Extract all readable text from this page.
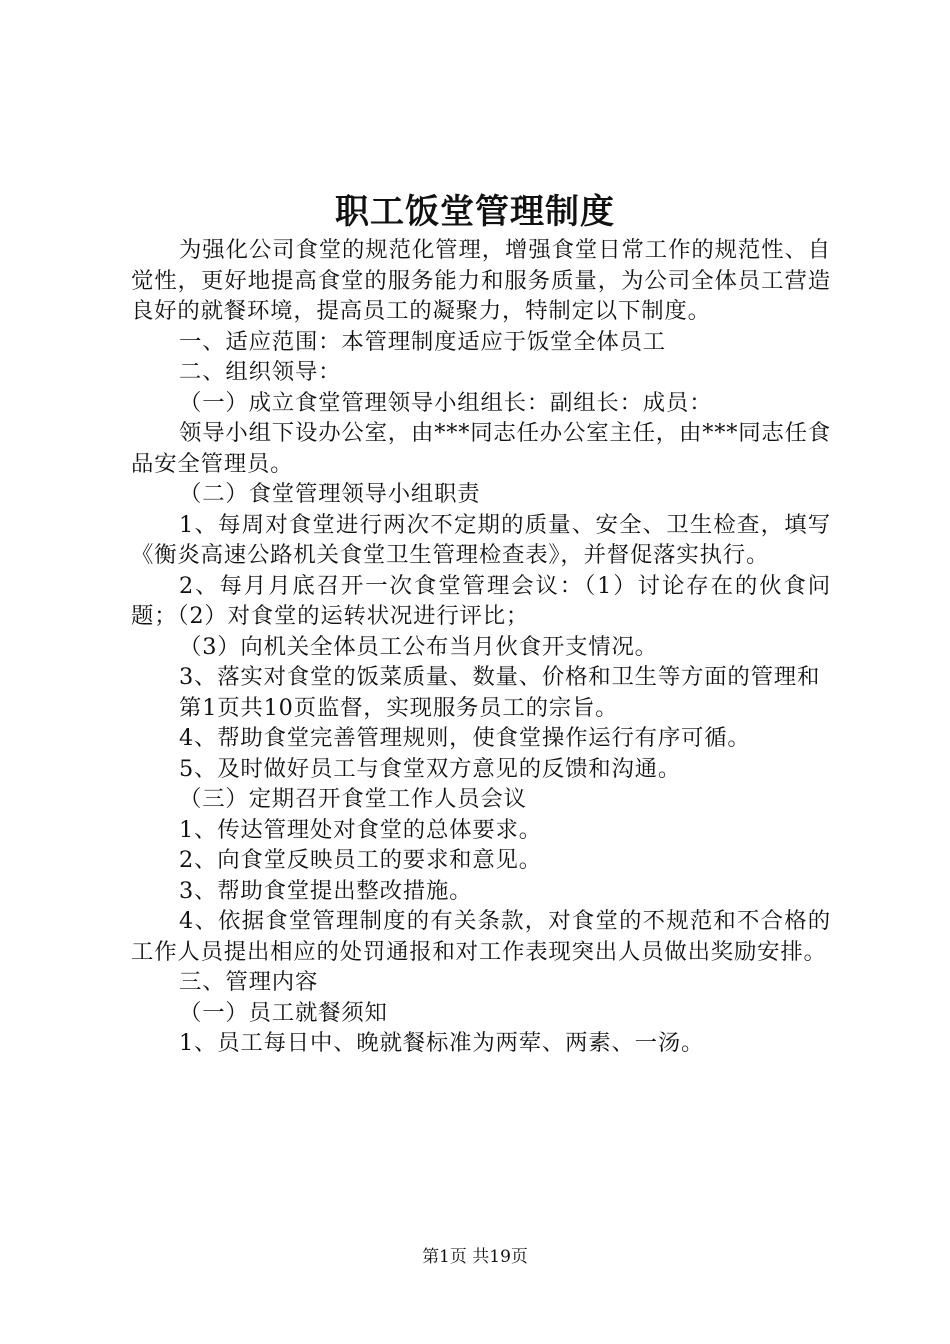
职工饭堂管理制度

为强化公司食堂的规范化管理，增强食堂日常工作的规范性、自觉性，更好地提高食堂的服务能力和服务质量，为公司全体员工营造良好的就餐环境，提高员工的凝聚力，特制定以下制度。

一、适应范围：本管理制度适应于饭堂全体员工

二、组织领导：

（一）成立食堂管理领导小组组长：副组长：成员：

领导小组下设办公室，由***同志任办公室主任，由***同志任食品安全管理员。

（二）食堂管理领导小组职责

1、每周对食堂进行两次不定期的质量、安全、卫生检查，填写《衡炎高速公路机关食堂卫生管理检查表》，并督促落实执行。

2、每月月底召开一次食堂管理会议：（1）讨论存在的伙食问题；（2）对食堂的运转状况进行评比；

（3）向机关全体员工公布当月伙食开支情况。

3、落实对食堂的饭菜质量、数量、价格和卫生等方面的管理和

第1页共10页监督，实现服务员工的宗旨。

4、帮助食堂完善管理规则，使食堂操作运行有序可循。

5、及时做好员工与食堂双方意见的反馈和沟通。

（三）定期召开食堂工作人员会议

1、传达管理处对食堂的总体要求。

2、向食堂反映员工的要求和意见。

3、帮助食堂提出整改措施。

4、依据食堂管理制度的有关条款，对食堂的不规范和不合格的工作人员提出相应的处罚通报和对工作表现突出人员做出奖励安排。

三、管理内容

（一）员工就餐须知

1、员工每日中、晚就餐标准为两荤、两素、一汤。

第1页 共19页
